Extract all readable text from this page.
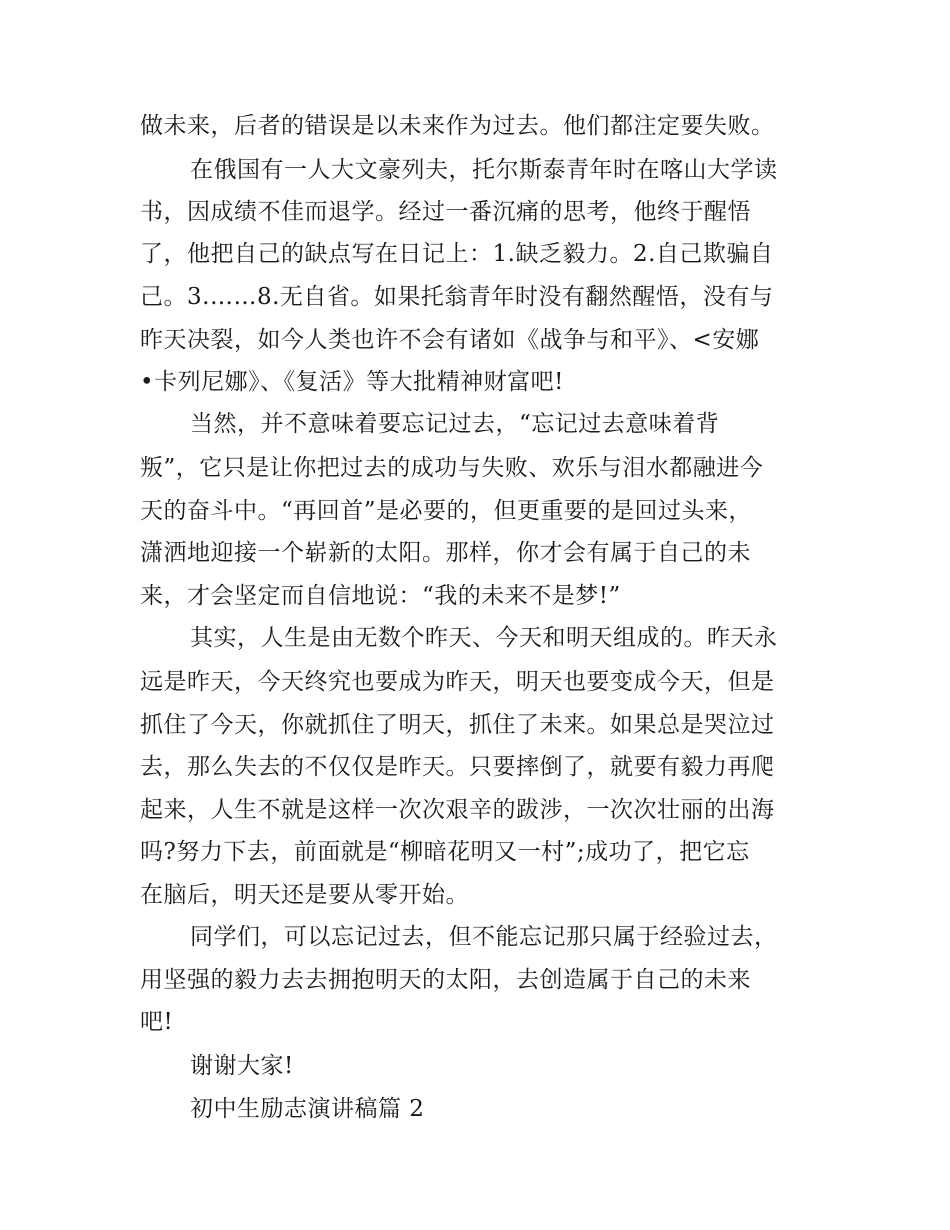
做未来，后者的错误是以未来作为过去。他们都注定要失败。

在俄国有一人大文豪列夫，托尔斯泰青年时在喀山大学读

书，因成绩不佳而退学。经过一番沉痛的思考，他终于醒悟

了，他把自己的缺点写在日记上：1.缺乏毅力。2.自己欺骗自

己。3.……8.无自省。如果托翁青年时没有翻然醒悟，没有与

昨天决裂，如今人类也许不会有诸如《战争与和平》、<安娜

•卡列尼娜》、《复活》等大批精神财富吧!

当然，并不意味着要忘记过去，“忘记过去意味着背

叛”，它只是让你把过去的成功与失败、欢乐与泪水都融进今

天的奋斗中。“再回首”是必要的，但更重要的是回过头来，

潇洒地迎接一个崭新的太阳。那样，你才会有属于自己的未

来，才会坚定而自信地说：“我的未来不是梦!”

其实，人生是由无数个昨天、今天和明天组成的。昨天永

远是昨天，今天终究也要成为昨天，明天也要变成今天，但是

抓住了今天，你就抓住了明天，抓住了未来。如果总是哭泣过

去，那么失去的不仅仅是昨天。只要摔倒了，就要有毅力再爬

起来，人生不就是这样一次次艰辛的跋涉，一次次壮丽的出海

吗?努力下去，前面就是“柳暗花明又一村”;成功了，把它忘

在脑后，明天还是要从零开始。

同学们，可以忘记过去，但不能忘记那只属于经验过去，

用坚强的毅力去去拥抱明天的太阳，去创造属于自己的未来

吧!

谢谢大家!

初中生励志演讲稿篇 2
